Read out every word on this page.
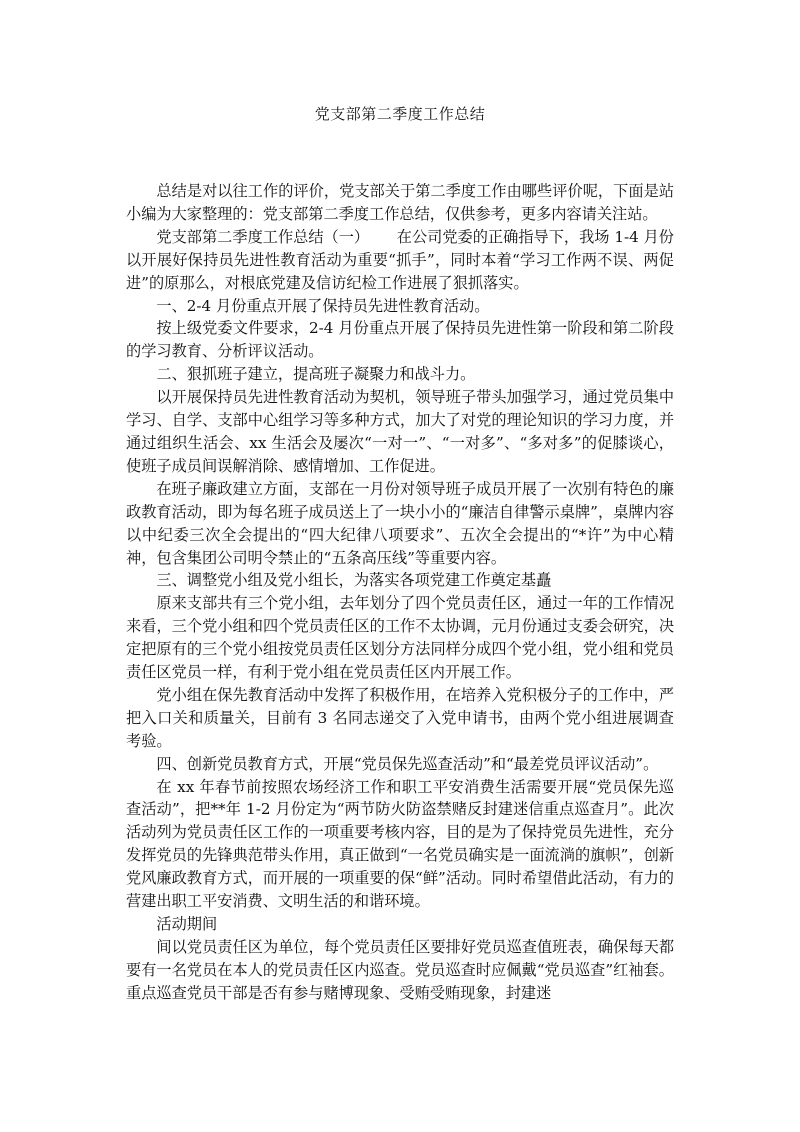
党支部第二季度工作总结

总结是对以往工作的评价，党支部关于第二季度工作由哪些评价呢，下面是站小编为大家整理的：党支部第二季度工作总结，仅供参考，更多内容请关注站。

党支部第二季度工作总结（一）　　 在公司党委的正确指导下，我场 1-4 月份以开展好保持员先进性教育活动为重要“抓手”，同时本着“学习工作两不误、两促进”的原那么，对根底党建及信访纪检工作进展了狠抓落实。

一、2-4 月份重点开展了保持员先进性教育活动。

按上级党委文件要求，2-4 月份重点开展了保持员先进性第一阶段和第二阶段的学习教育、分析评议活动。

二、狠抓班子建立，提高班子凝聚力和战斗力。

以开展保持员先进性教育活动为契机，领导班子带头加强学习，通过党员集中学习、自学、支部中心组学习等多种方式，加大了对党的理论知识的学习力度，并通过组织生活会、xx 生活会及屡次“一对一”、“一对多”、“多对多”的促膝谈心，使班子成员间误解消除、感情增加、工作促进。

在班子廉政建立方面，支部在一月份对领导班子成员开展了一次别有特色的廉政教育活动，即为每名班子成员送上了一块小小的“廉洁自律警示桌牌”，桌牌内容以中纪委三次全会提出的“四大纪律八项要求”、五次全会提出的“*许”为中心精神，包含集团公司明令禁止的“五条高压线”等重要内容。

三、调整党小组及党小组长，为落实各项党建工作奠定基矗

原来支部共有三个党小组，去年划分了四个党员责任区，通过一年的工作情况来看，三个党小组和四个党员责任区的工作不太协调，元月份通过支委会研究，决定把原有的三个党小组按党员责任区划分方法同样分成四个党小组，党小组和党员责任区党员一样，有利于党小组在党员责任区内开展工作。

党小组在保先教育活动中发挥了积极作用，在培养入党积极分子的工作中，严把入口关和质量关，目前有 3 名同志递交了入党申请书，由两个党小组进展调查考验。

四、创新党员教育方式，开展“党员保先巡查活动”和“最差党员评议活动”。

在 xx 年春节前按照农场经济工作和职工平安消费生活需要开展“党员保先巡查活动”，把**年 1-2 月份定为“两节防火防盗禁赌反封建迷信重点巡查月”。此次活动列为党员责任区工作的一项重要考核内容，目的是为了保持党员先进性，充分发挥党员的先锋典范带头作用，真正做到“一名党员确实是一面流淌的旗帜”，创新党风廉政教育方式，而开展的一项重要的保“鲜”活动。同时希望借此活动，有力的营建出职工平安消费、文明生活的和谐环境。

活动期间

间以党员责任区为单位，每个党员责任区要排好党员巡查值班表，确保每天都要有一名党员在本人的党员责任区内巡查。党员巡查时应佩戴“党员巡查”红袖套。重点巡查党员干部是否有参与赌博现象、受贿受贿现象，封建迷
